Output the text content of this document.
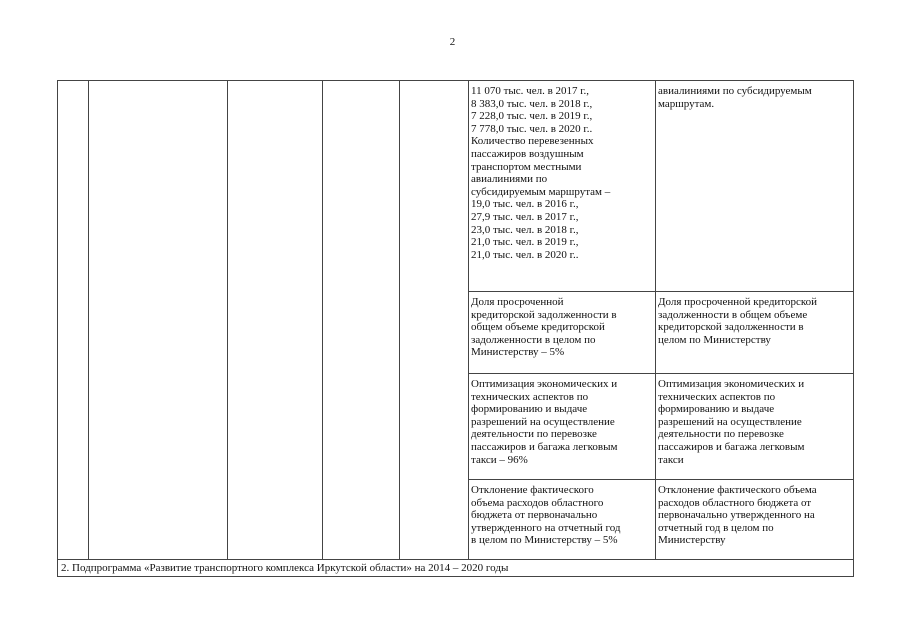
2
11 070 тыс. чел. в 2017 г.,
8 383,0 тыс. чел. в 2018 г.,
7 228,0 тыс. чел. в 2019 г.,
7 778,0 тыс. чел. в 2020 г..
Количество перевезенных
пассажиров воздушным
транспортом местными
авиалиниями по
субсидируемым маршрутам –
19,0 тыс. чел. в 2016 г.,
27,9 тыс. чел. в 2017 г.,
23,0 тыс. чел. в 2018 г.,
21,0 тыс. чел. в 2019 г.,
21,0 тыс. чел. в 2020 г..
авиалиниями по субсидируемым
маршрутам.
Доля просроченной
кредиторской задолженности в
общем объеме кредиторской
задолженности в целом по
Министерству – 5%
Доля просроченной кредиторской
задолженности в общем объеме
кредиторской задолженности в
целом по Министерству
Оптимизация экономических и
технических аспектов по
формированию и выдаче
разрешений на осуществление
деятельности по перевозке
пассажиров и багажа легковым
такси – 96%
Оптимизация экономических и
технических аспектов по
формированию и выдаче
разрешений на осуществление
деятельности по перевозке
пассажиров и багажа легковым
такси
Отклонение фактического
объема расходов областного
бюджета от первоначально
утвержденного на отчетный год
в целом по Министерству – 5%
Отклонение фактического объема
расходов областного бюджета от
первоначально утвержденного на
отчетный год в целом по
Министерству
2. Подпрограмма «Развитие транспортного комплекса Иркутской области» на 2014 – 2020 годы
